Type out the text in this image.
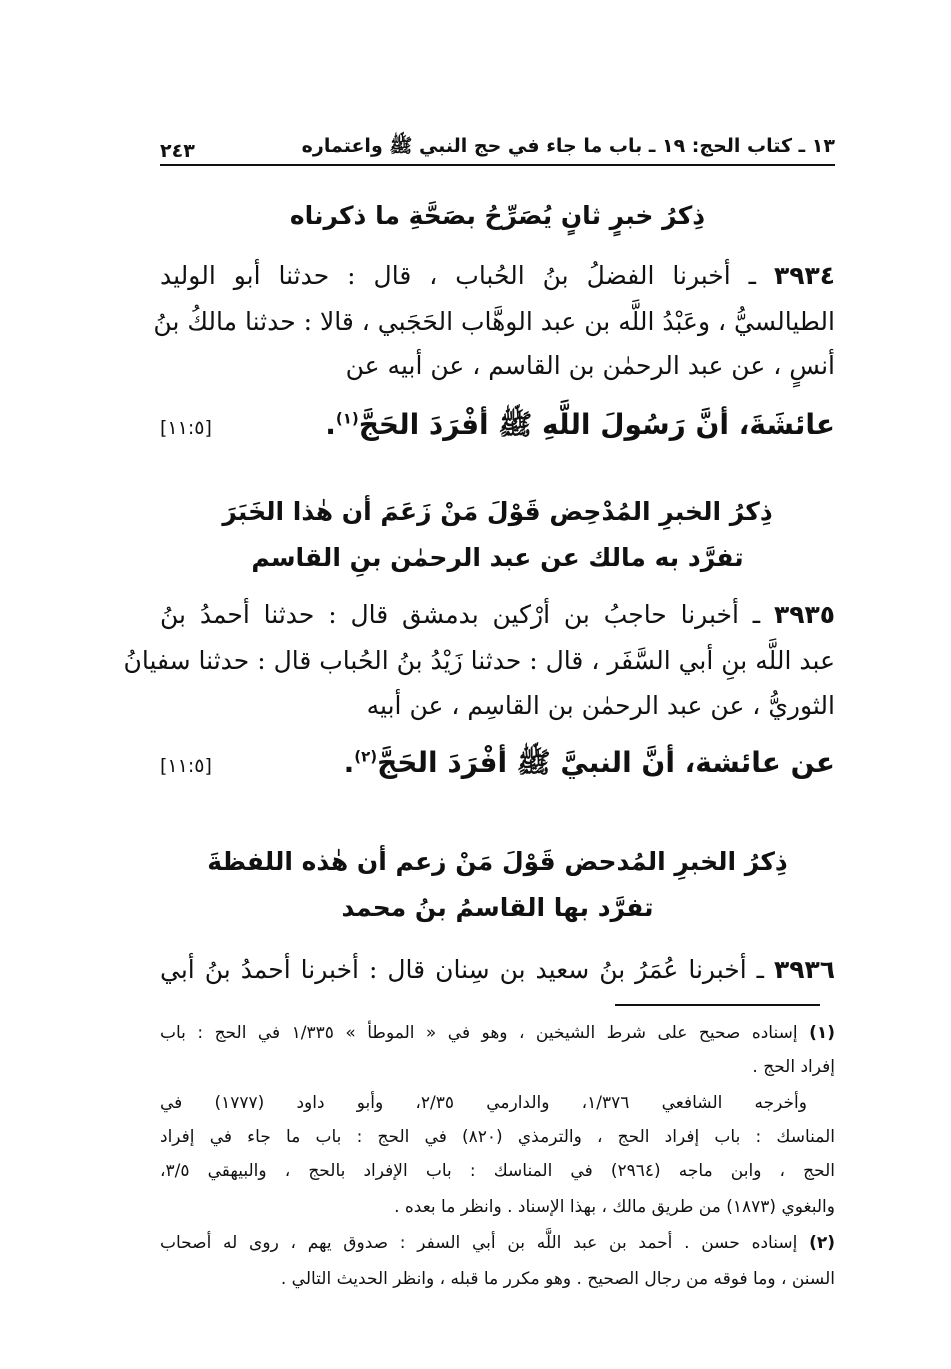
١٣ ـ كتاب الحج: ١٩ ـ باب ما جاء في حج النبي ﷺ واعتماره
٢٤٣
ذِكرُ خبرٍ ثانٍ يُصَرِّحُ بصَحَّةِ ما ذكرناه
٣٩٣٤ ـ أخبرنا الفضلُ بنُ الحُباب ، قال : حدثنا أبو الوليد
الطيالسيُّ ، وعَبْدُ اللَّه بن عبد الوهَّاب الحَجَبي ، قالا : حدثنا مالكُ بنُ
أنسٍ ، عن عبد الرحمٰن بن القاسم ، عن أبيه عن
عائشَةَ، أنَّ رَسُولَ اللَّهِ ﷺ أفْرَدَ الحَجَّ$^{(١)}$.
[١١:٥]
ذِكرُ الخبرِ المُدْحِض قَوْلَ مَنْ زَعَمَ أن هٰذا الخَبَرَ
تفرَّد به مالك عن عبد الرحمٰن بنِ القاسم
٣٩٣٥ ـ أخبرنا حاجبُ بن أرْكين بدمشق قال : حدثنا أحمدُ بنُ
عبد اللَّه بنِ أبي السَّفَر ، قال : حدثنا زَيْدُ بنُ الحُباب قال : حدثنا سفيانُ
الثوريُّ ، عن عبد الرحمٰن بن القاسِم ، عن أبيه
عن عائشة، أنَّ النبيَّ ﷺ أفْرَدَ الحَجَّ$^{(٢)}$.
[١١:٥]
ذِكرُ الخبرِ المُدحض قَوْلَ مَنْ زعم أن هٰذه اللفظةَ
تفرَّد بها القاسمُ بنُ محمد
٣٩٣٦ ـ أخبرنا عُمَرُ بنُ سعيد بن سِنان قال : أخبرنا أحمدُ بنُ أبي
(١) إسناده صحيح على شرط الشيخين ، وهو في « الموطأ » ١/٣٣٥ في الحج : باب
إفراد الحج .
وأخرجه الشافعي ١/٣٧٦، والدارمي ٢/٣٥، وأبو داود (١٧٧٧) في
المناسك : باب إفراد الحج ، والترمذي (٨٢٠) في الحج : باب ما جاء في إفراد
الحج ، وابن ماجه (٢٩٦٤) في المناسك : باب الإفراد بالحج ، والبيهقي ٣/٥،
والبغوي (١٨٧٣) من طريق مالك ، بهذا الإسناد . وانظر ما بعده .
(٢) إسناده حسن . أحمد بن عبد اللَّه بن أبي السفر : صدوق يهم ، روى له أصحاب
السنن ، وما فوقه من رجال الصحيح . وهو مكرر ما قبله ، وانظر الحديث التالي .
